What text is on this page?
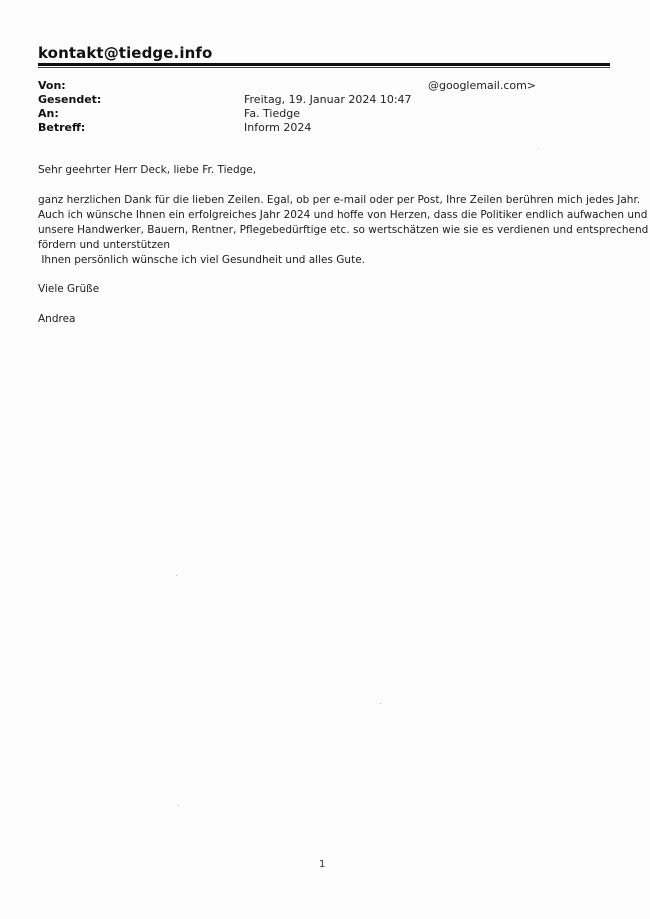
kontakt@tiedge.info
Von:	@googlemail.com>
Gesendet:	Freitag, 19. Januar 2024 10:47
An:	Fa. Tiedge
Betreff:	Inform 2024

Sehr geehrter Herr Deck, liebe Fr. Tiedge,

ganz herzlichen Dank für die lieben Zeilen. Egal, ob per e-mail oder per Post, Ihre Zeilen berühren mich jedes Jahr.

Auch ich wünsche Ihnen ein erfolgreiches Jahr 2024 und hoffe von Herzen, dass die Politiker endlich aufwachen und

unsere Handwerker, Bauern, Rentner, Pflegebedürftige etc. so wertschätzen wie sie es verdienen und entsprechend

fördern und unterstützen

Ihnen persönlich wünsche ich viel Gesundheit und alles Gute.

Viele Grüße

Andrea

1
